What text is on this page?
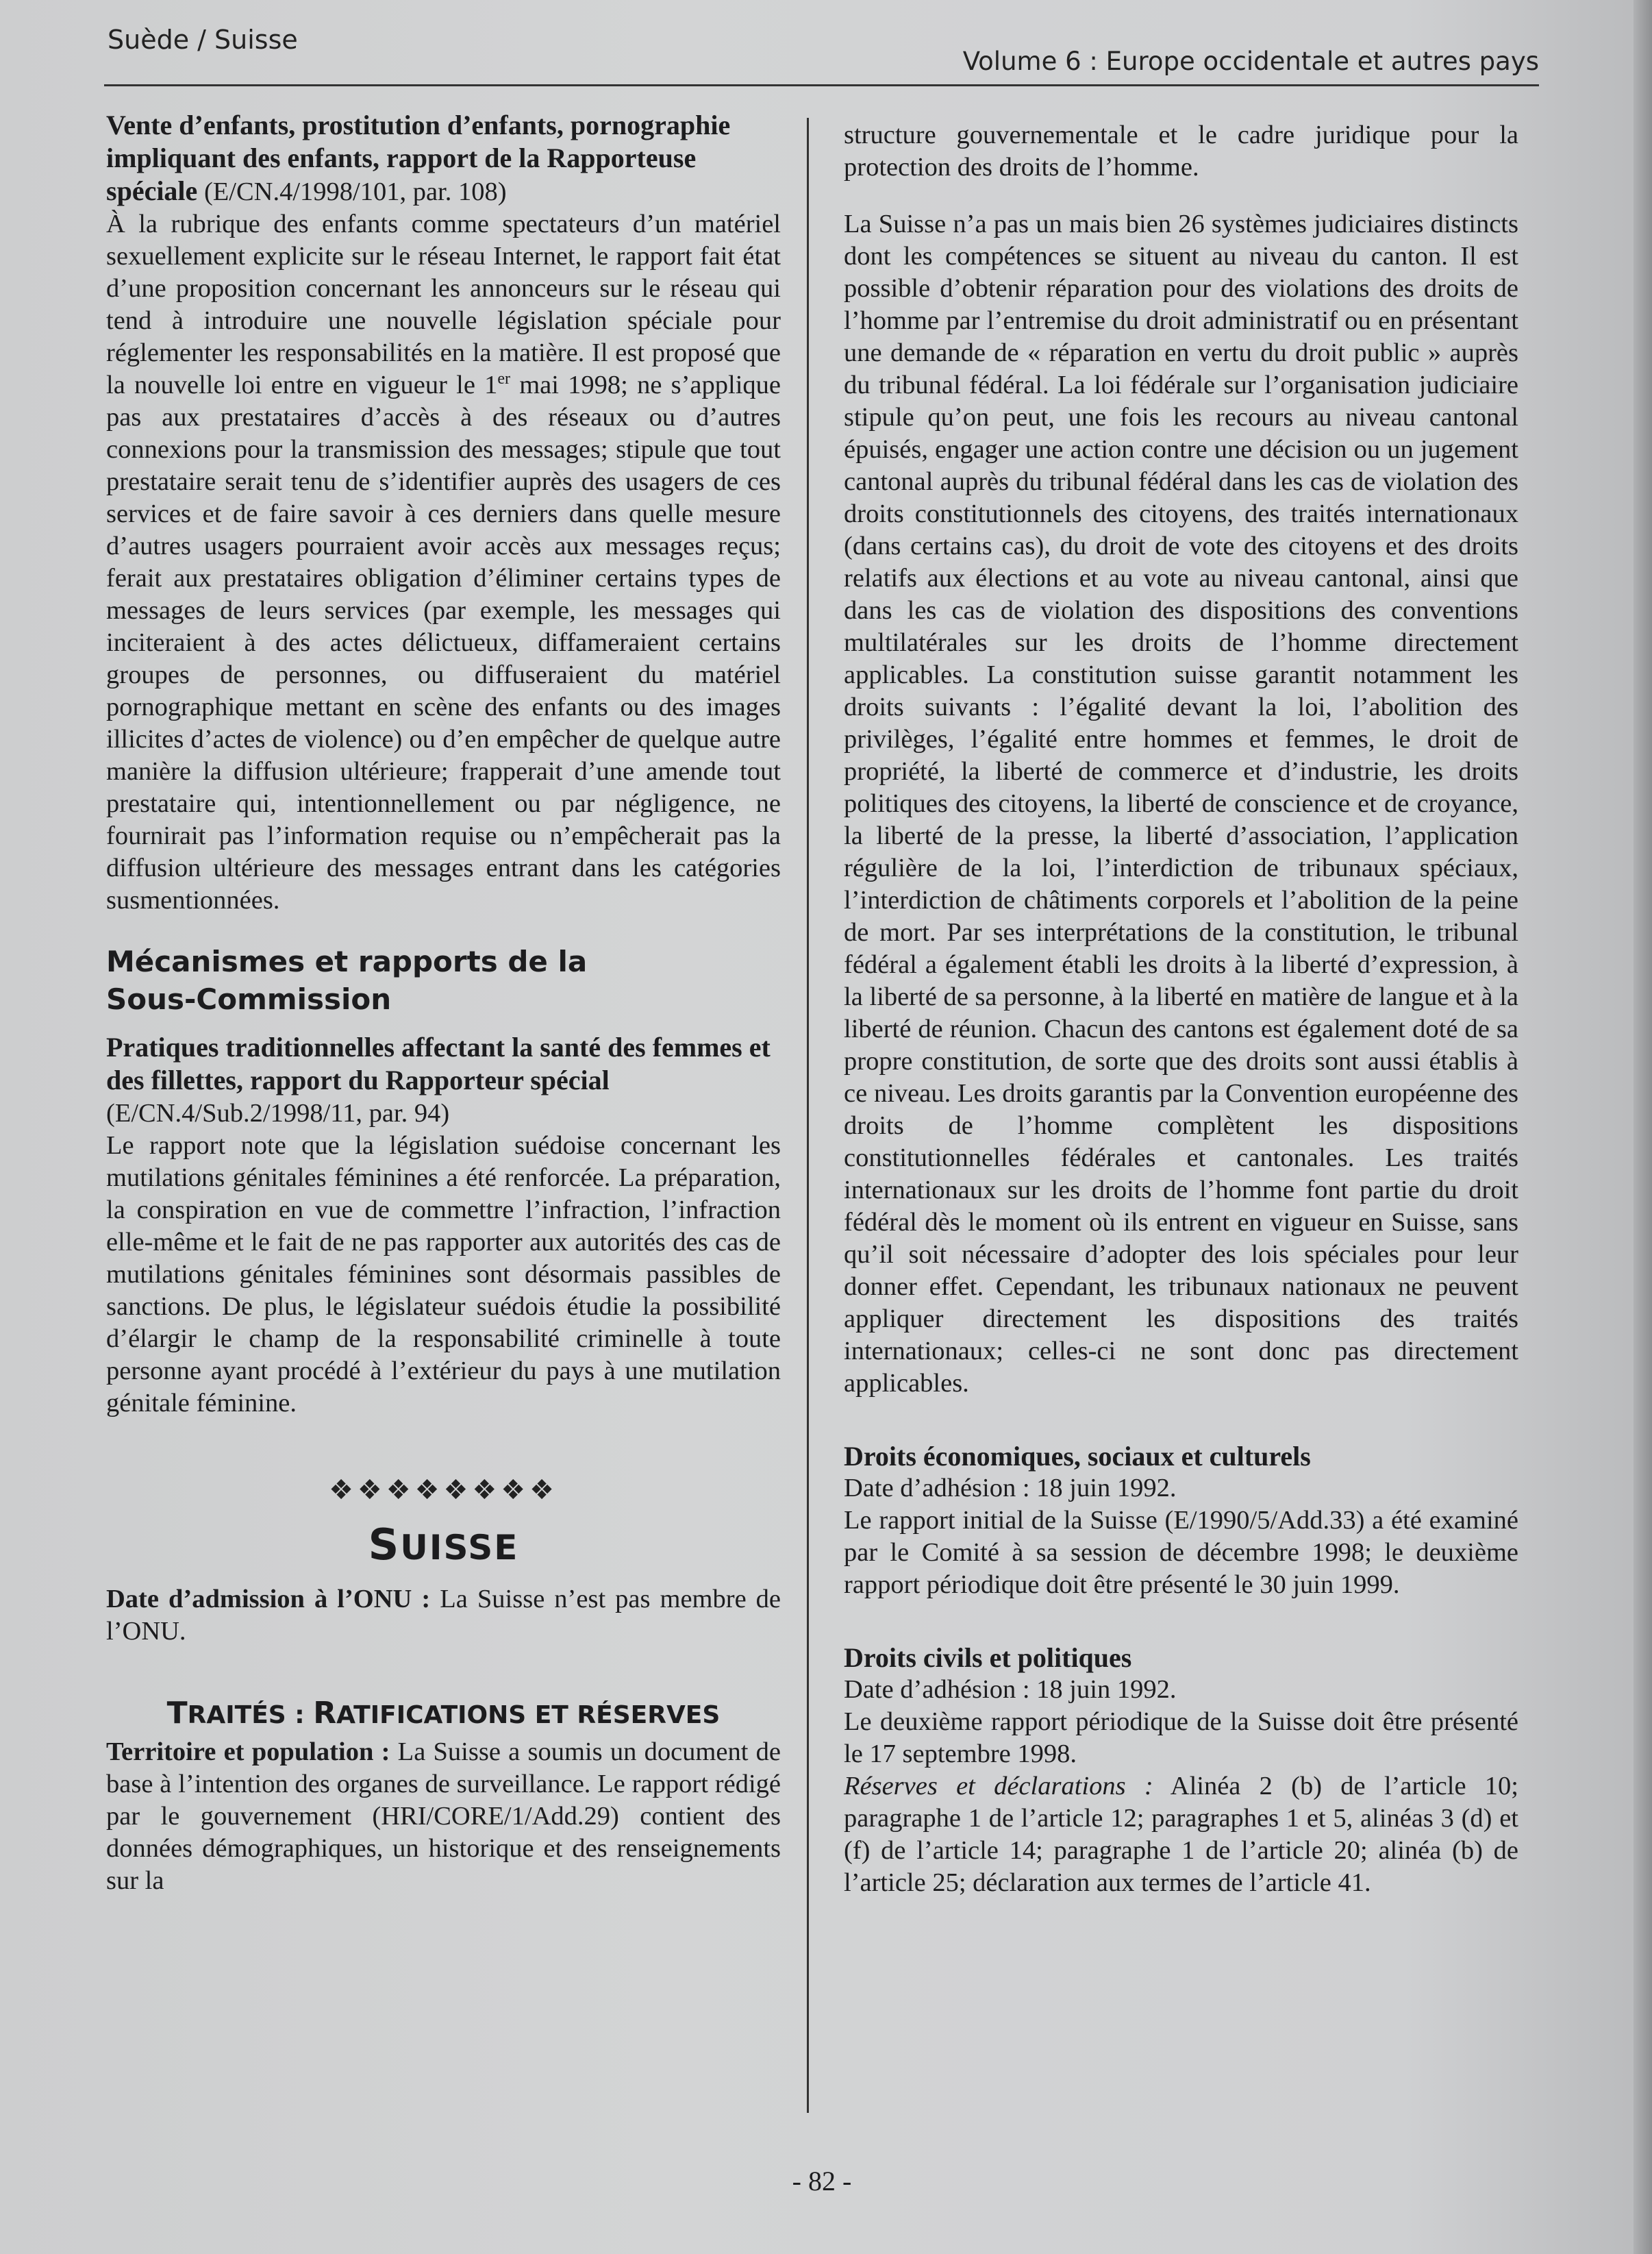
Suède / Suisse
Volume 6 : Europe occidentale et autres pays

Vente d’enfants, prostitution d’enfants, pornographie impliquant des enfants, rapport de la Rapporteuse spéciale (E/CN.4/1998/101, par. 108)

À la rubrique des enfants comme spectateurs d’un matériel sexuellement explicite sur le réseau Internet, le rapport fait état d’une proposition concernant les annonceurs sur le réseau qui tend à introduire une nouvelle législation spéciale pour réglementer les responsabilités en la matière. Il est proposé que la nouvelle loi entre en vigueur le 1er mai 1998; ne s’applique pas aux prestataires d’accès à des réseaux ou d’autres connexions pour la transmission des messages; stipule que tout prestataire serait tenu de s’identifier auprès des usagers de ces services et de faire savoir à ces derniers dans quelle mesure d’autres usagers pourraient avoir accès aux messages reçus; ferait aux prestataires obligation d’éliminer certains types de messages de leurs services (par exemple, les messages qui inciteraient à des actes délictueux, diffameraient certains groupes de personnes, ou diffuseraient du matériel pornographique mettant en scène des enfants ou des images illicites d’actes de violence) ou d’en empêcher de quelque autre manière la diffusion ultérieure; frapperait d’une amende tout prestataire qui, intentionnellement ou par négligence, ne fournirait pas l’information requise ou n’empêcherait pas la diffusion ultérieure des messages entrant dans les catégories susmentionnées.

Mécanismes et rapports de la
Sous-Commission

Pratiques traditionnelles affectant la santé des femmes et des fillettes, rapport du Rapporteur spécial (E/CN.4/Sub.2/1998/11, par. 94)

Le rapport note que la législation suédoise concernant les mutilations génitales féminines a été renforcée. La préparation, la conspiration en vue de commettre l’infraction, l’infraction elle-même et le fait de ne pas rapporter aux autorités des cas de mutilations génitales féminines sont désormais passibles de sanctions. De plus, le législateur suédois étudie la possibilité d’élargir le champ de la responsabilité criminelle à toute personne ayant procédé à l’extérieur du pays à une mutilation génitale féminine.

❖❖❖❖❖❖❖❖
SUISSE

Date d’admission à l’ONU : La Suisse n’est pas membre de l’ONU.

TRAITÉS : RATIFICATIONS ET RÉSERVES

Territoire et population : La Suisse a soumis un document de base à l’intention des organes de surveillance. Le rapport rédigé par le gouvernement (HRI/CORE/1/Add.29) contient des données démographiques, un historique et des renseignements sur la

structure gouvernementale et le cadre juridique pour la protection des droits de l’homme.

La Suisse n’a pas un mais bien 26 systèmes judiciaires distincts dont les compétences se situent au niveau du canton. Il est possible d’obtenir réparation pour des violations des droits de l’homme par l’entremise du droit administratif ou en présentant une demande de « réparation en vertu du droit public » auprès du tribunal fédéral. La loi fédérale sur l’organisation judiciaire stipule qu’on peut, une fois les recours au niveau cantonal épuisés, engager une action contre une décision ou un jugement cantonal auprès du tribunal fédéral dans les cas de violation des droits constitutionnels des citoyens, des traités internationaux (dans certains cas), du droit de vote des citoyens et des droits relatifs aux élections et au vote au niveau cantonal, ainsi que dans les cas de violation des dispositions des conventions multilatérales sur les droits de l’homme directement applicables. La constitution suisse garantit notamment les droits suivants : l’égalité devant la loi, l’abolition des privilèges, l’égalité entre hommes et femmes, le droit de propriété, la liberté de commerce et d’industrie, les droits politiques des citoyens, la liberté de conscience et de croyance, la liberté de la presse, la liberté d’association, l’application régulière de la loi, l’interdiction de tribunaux spéciaux, l’interdiction de châtiments corporels et l’abolition de la peine de mort. Par ses interprétations de la constitution, le tribunal fédéral a également établi les droits à la liberté d’expression, à la liberté de sa personne, à la liberté en matière de langue et à la liberté de réunion. Chacun des cantons est également doté de sa propre constitution, de sorte que des droits sont aussi établis à ce niveau. Les droits garantis par la Convention européenne des droits de l’homme complètent les dispositions constitutionnelles fédérales et cantonales. Les traités internationaux sur les droits de l’homme font partie du droit fédéral dès le moment où ils entrent en vigueur en Suisse, sans qu’il soit nécessaire d’adopter des lois spéciales pour leur donner effet. Cependant, les tribunaux nationaux ne peuvent appliquer directement les dispositions des traités internationaux; celles-ci ne sont donc pas directement applicables.

Droits économiques, sociaux et culturels

Date d’adhésion : 18 juin 1992.

Le rapport initial de la Suisse (E/1990/5/Add.33) a été examiné par le Comité à sa session de décembre 1998; le deuxième rapport périodique doit être présenté le 30 juin 1999.

Droits civils et politiques

Date d’adhésion : 18 juin 1992.

Le deuxième rapport périodique de la Suisse doit être présenté le 17 septembre 1998.

Réserves et déclarations : Alinéa 2 (b) de l’article 10; paragraphe 1 de l’article 12; paragraphes 1 et 5, alinéas 3 (d) et (f) de l’article 14; paragraphe 1 de l’article 20; alinéa (b) de l’article 25; déclaration aux termes de l’article 41.

- 82 -
